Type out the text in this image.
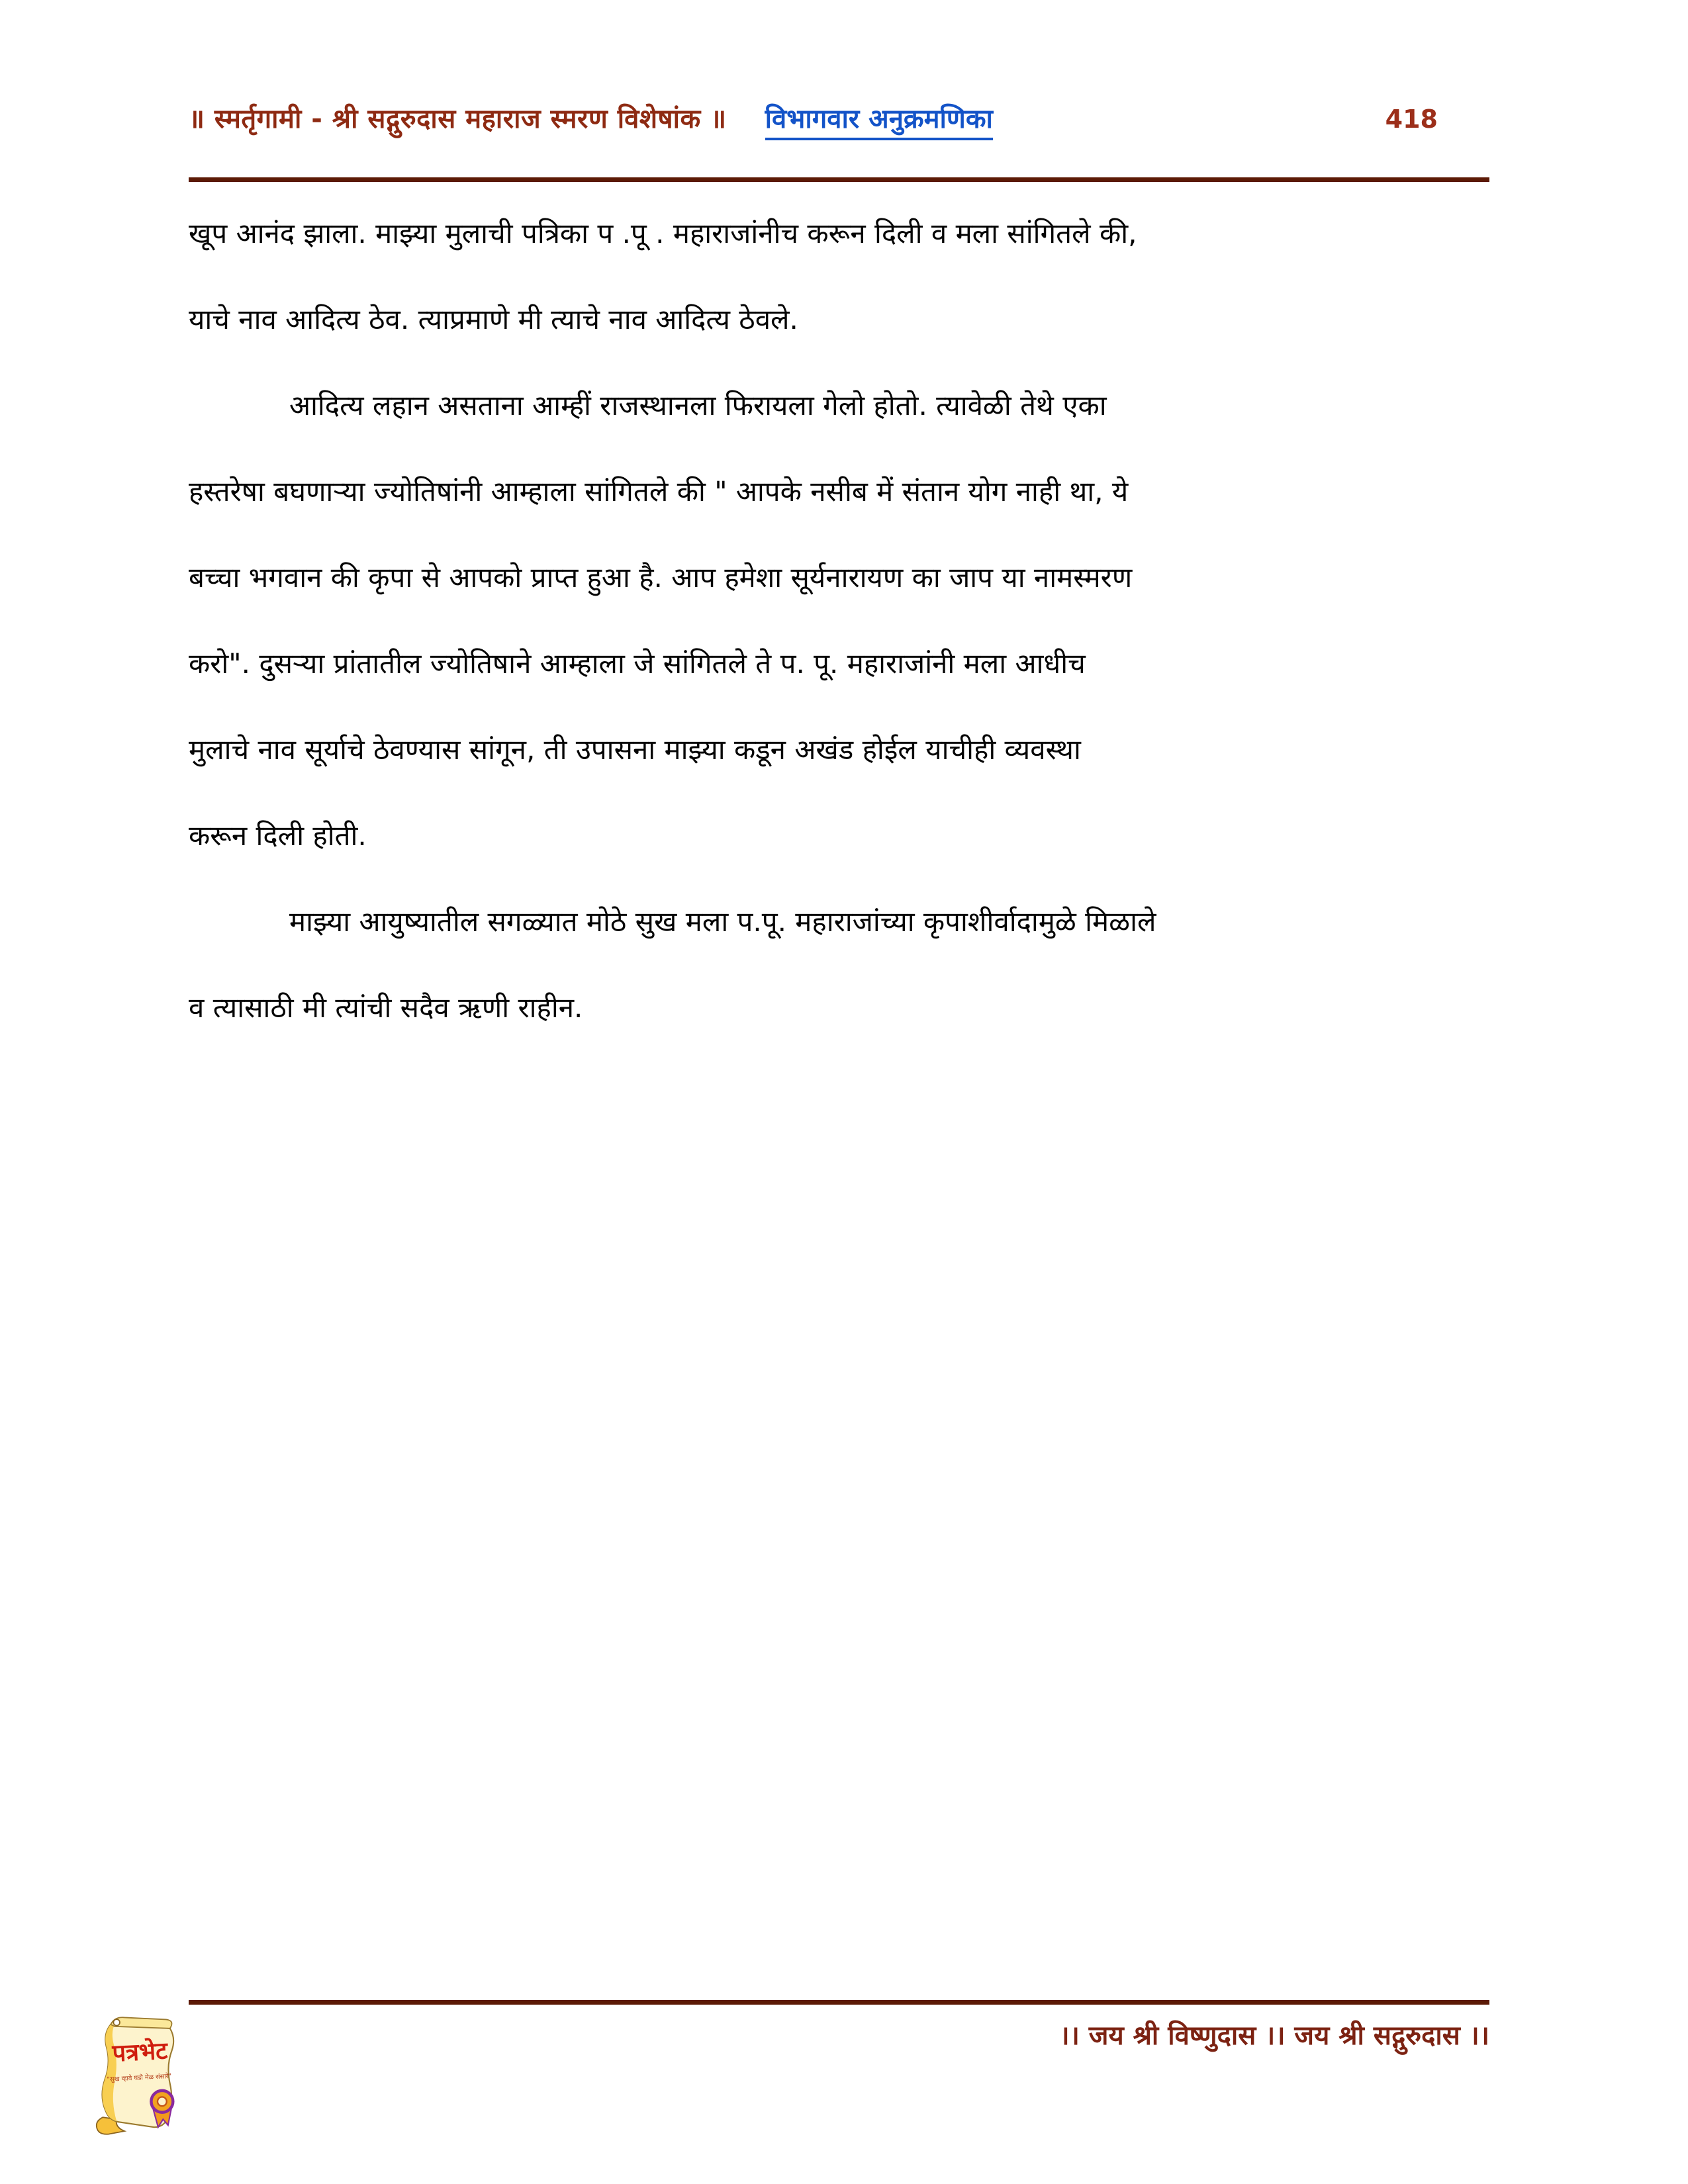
॥ स्मर्तृगामी - श्री सद्गुरुदास महाराज स्मरण विशेषांक ॥ विभागवार अनुक्रमणिका	418
खूप आनंद झाला. माझ्या मुलाची पत्रिका प .पू . महाराजांनीच करून दिली व मला सांगितले की,
याचे नाव आदित्य ठेव. त्याप्रमाणे मी त्याचे नाव आदित्य ठेवले.
आदित्य लहान असताना आम्हीं राजस्थानला फिरायला गेलो होतो. त्यावेळी तेथे एका
हस्तरेषा बघणाऱ्या ज्योतिषांनी आम्हाला सांगितले की " आपके नसीब में संतान योग नाही था, ये
बच्चा भगवान की कृपा से आपको प्राप्त हुआ है. आप हमेशा सूर्यनारायण का जाप या नामस्मरण
करो". दुसऱ्या प्रांतातील ज्योतिषाने आम्हाला जे सांगितले ते प. पू. महाराजांनी मला आधीच
मुलाचे नाव सूर्याचे ठेवण्यास सांगून, ती उपासना माझ्या कडून अखंड होईल याचीही व्यवस्था
करून दिली होती.
माझ्या आयुष्यातील सगळ्यात मोठे सुख मला प.पू. महाराजांच्या कृपाशीर्वादामुळे मिळाले
व त्यासाठी मी त्यांची सदैव ऋणी राहीन.
।। जय श्री विष्णुदास ।। जय श्री सद्गुरुदास ।।
पत्रभेट
"सुख व्हावे घडो मेळ संसारे"
